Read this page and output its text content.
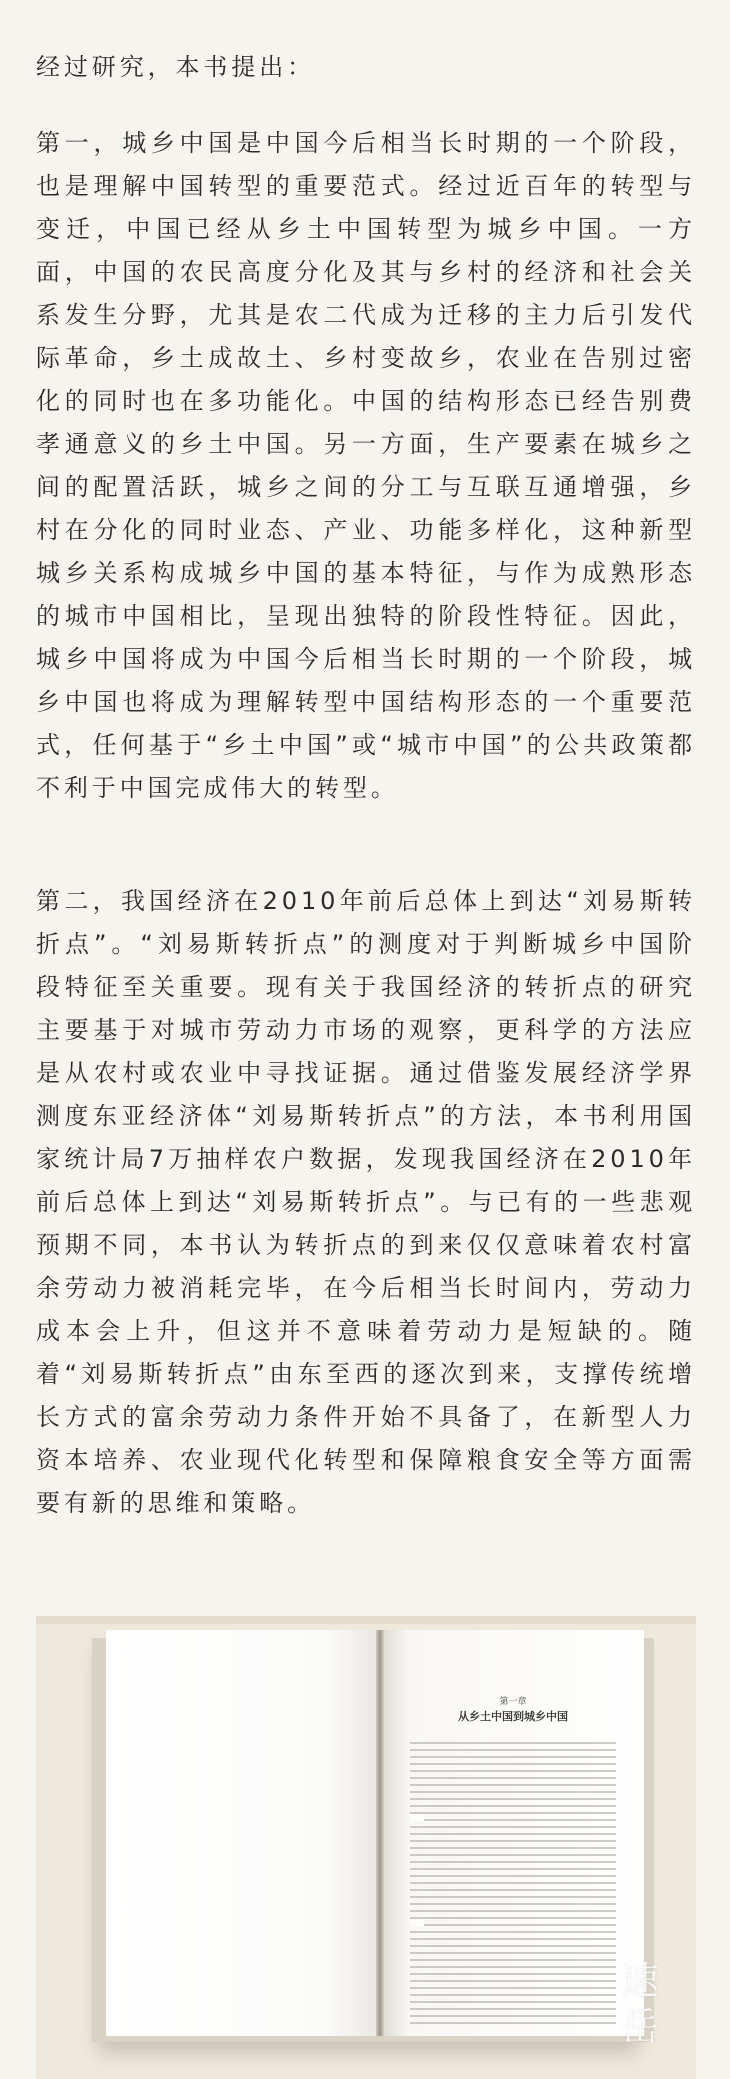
经过研究，本书提出：

第一，城乡中国是中国今后相当长时期的一个阶段，也是理解中国转型的重要范式。经过近百年的转型与变迁，中国已经从乡土中国转型为城乡中国。一方面，中国的农民高度分化及其与乡村的经济和社会关系发生分野，尤其是农二代成为迁移的主力后引发代际革命，乡土成故土、乡村变故乡，农业在告别过密化的同时也在多功能化。中国的结构形态已经告别费孝通意义的乡土中国。另一方面，生产要素在城乡之间的配置活跃，城乡之间的分工与互联互通增强，乡村在分化的同时业态、产业、功能多样化，这种新型城乡关系构成城乡中国的基本特征，与作为成熟形态的城市中国相比，呈现出独特的阶段性特征。因此，城乡中国将成为中国今后相当长时期的一个阶段，城乡中国也将成为理解转型中国结构形态的一个重要范式，任何基于“乡土中国”或“城市中国”的公共政策都不利于中国完成伟大的转型。

第二，我国经济在2010年前后总体上到达“刘易斯转折点”。“刘易斯转折点”的测度对于判断城乡中国阶段特征至关重要。现有关于我国经济的转折点的研究主要基于对城市劳动力市场的观察，更科学的方法应是从农村或农业中寻找证据。通过借鉴发展经济学界测度东亚经济体“刘易斯转折点”的方法，本书利用国家统计局7万抽样农户数据，发现我国经济在2010年前后总体上到达“刘易斯转折点”。与已有的一些悲观预期不同，本书认为转折点的到来仅仅意味着农村富余劳动力被消耗完毕，在今后相当长时间内，劳动力成本会上升，但这并不意味着劳动力是短缺的。随着“刘易斯转折点”由东至西的逐次到来，支撑传统增长方式的富余劳动力条件开始不具备了，在新型人力资本培养、农业现代化转型和保障粮食安全等方面需要有新的思维和策略。

第一章
从乡土中国到城乡中国
速
岳
